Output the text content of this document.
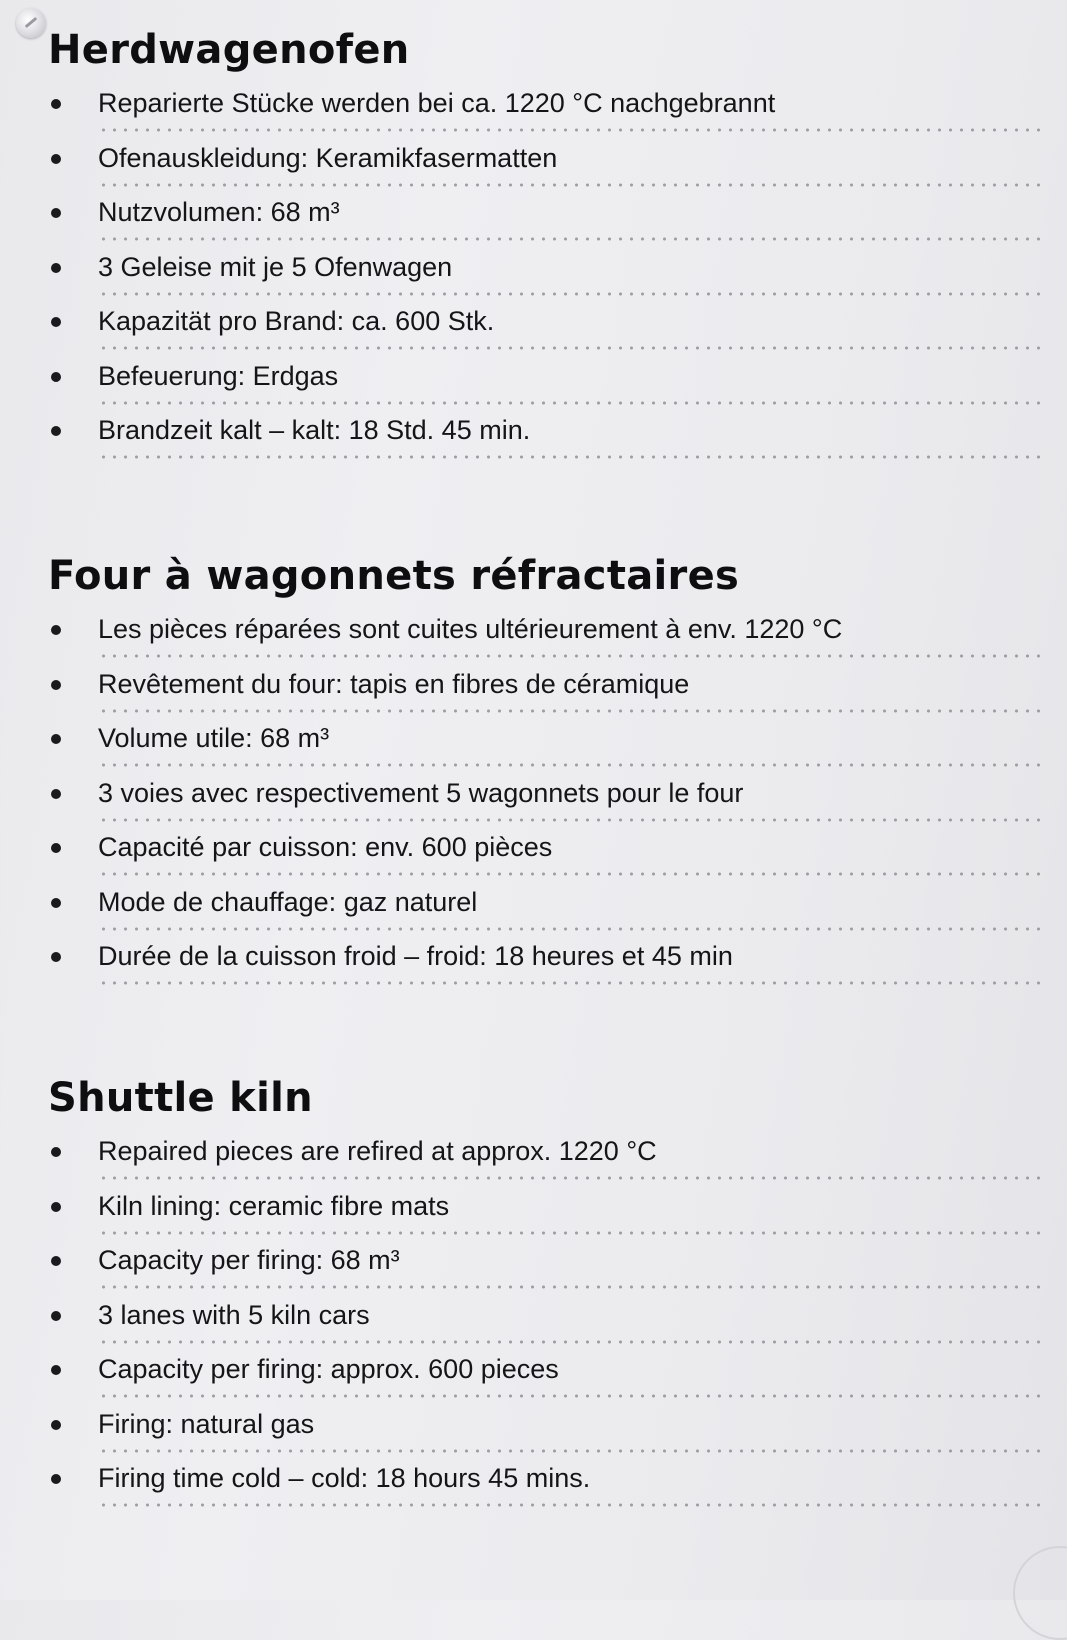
Herdwagenofen
Reparierte Stücke werden bei ca. 1220 °C nachgebrannt
Ofenauskleidung: Keramikfasermatten
Nutzvolumen: 68 m³
3 Geleise mit je 5 Ofenwagen
Kapazität pro Brand: ca. 600 Stk.
Befeuerung: Erdgas
Brandzeit kalt – kalt: 18 Std. 45 min.
Four à wagonnets réfractaires
Les pièces réparées sont cuites ultérieurement à env. 1220 °C
Revêtement du four: tapis en fibres de céramique
Volume utile: 68 m³
3 voies avec respectivement 5 wagonnets pour le four
Capacité par cuisson: env. 600 pièces
Mode de chauffage: gaz naturel
Durée de la cuisson froid – froid: 18 heures et 45 min
Shuttle kiln
Repaired pieces are refired at approx. 1220 °C
Kiln lining: ceramic fibre mats
Capacity per firing: 68 m³
3 lanes with 5 kiln cars
Capacity per firing: approx. 600 pieces
Firing: natural gas
Firing time cold – cold: 18 hours 45 mins.
